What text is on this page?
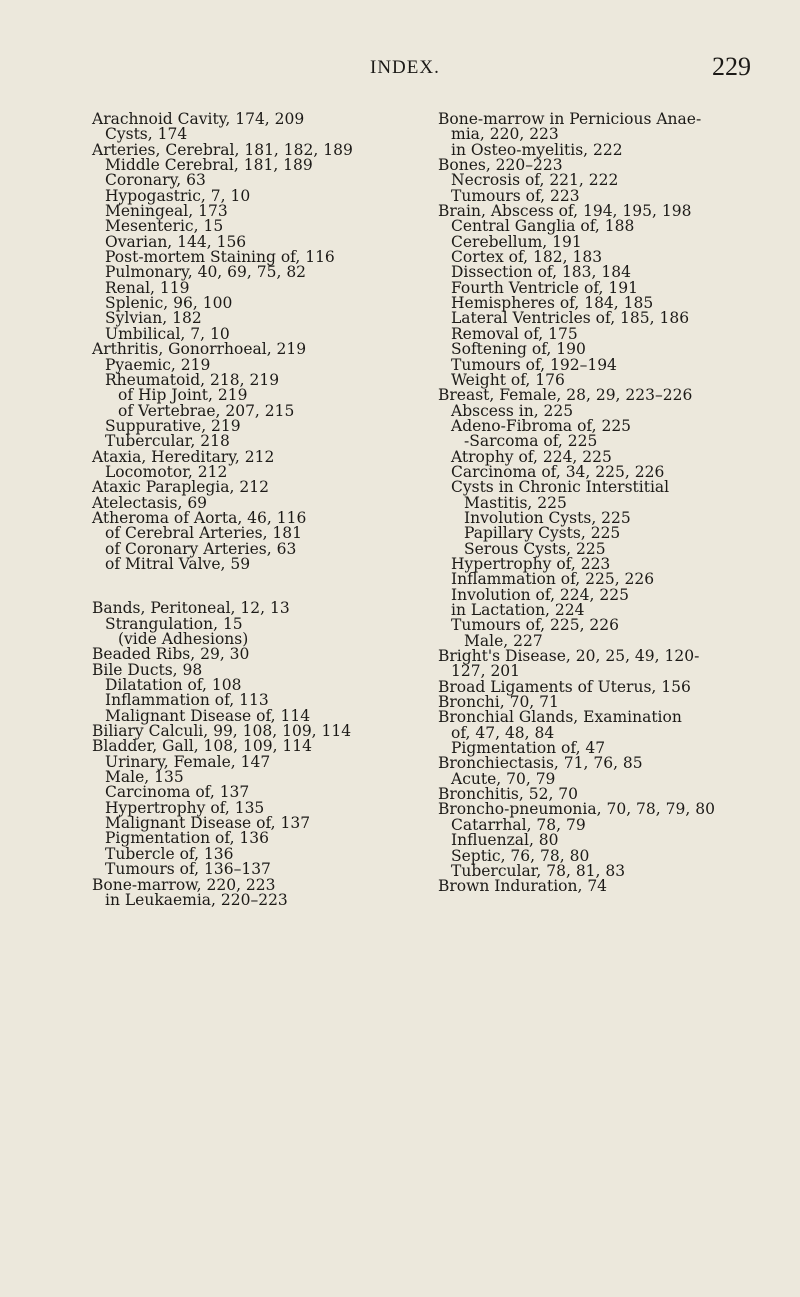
INDEX.	229
Arachnoid Cavity, 174, 209
Cysts, 174
Arteries, Cerebral, 181, 182, 189
Middle Cerebral, 181, 189
Coronary, 63
Hypogastric, 7, 10
Meningeal, 173
Mesenteric, 15
Ovarian, 144, 156
Post-mortem Staining of, 116
Pulmonary, 40, 69, 75, 82
Renal, 119
Splenic, 96, 100
Sylvian, 182
Umbilical, 7, 10
Arthritis, Gonorrhoeal, 219
Pyaemic, 219
Rheumatoid, 218, 219
of Hip Joint, 219
of Vertebrae, 207, 215
Suppurative, 219
Tubercular, 218
Ataxia, Hereditary, 212
Locomotor, 212
Ataxic Paraplegia, 212
Atelectasis, 69
Atheroma of Aorta, 46, 116
of Cerebral Arteries, 181
of Coronary Arteries, 63
of Mitral Valve, 59
Bands, Peritoneal, 12, 13
Strangulation, 15
(vide Adhesions)
Beaded Ribs, 29, 30
Bile Ducts, 98
Dilatation of, 108
Inflammation of, 113
Malignant Disease of, 114
Biliary Calculi, 99, 108, 109, 114
Bladder, Gall, 108, 109, 114
Urinary, Female, 147
Male, 135
Carcinoma of, 137
Hypertrophy of, 135
Malignant Disease of, 137
Pigmentation of, 136
Tubercle of, 136
Tumours of, 136–137
Bone-marrow, 220, 223
in Leukaemia, 220–223
Bone-marrow in Pernicious Anae-
mia, 220, 223
in Osteo-myelitis, 222
Bones, 220–223
Necrosis of, 221, 222
Tumours of, 223
Brain, Abscess of, 194, 195, 198
Central Ganglia of, 188
Cerebellum, 191
Cortex of, 182, 183
Dissection of, 183, 184
Fourth Ventricle of, 191
Hemispheres of, 184, 185
Lateral Ventricles of, 185, 186
Removal of, 175
Softening of, 190
Tumours of, 192–194
Weight of, 176
Breast, Female, 28, 29, 223–226
Abscess in, 225
Adeno-Fibroma of, 225
-Sarcoma of, 225
Atrophy of, 224, 225
Carcinoma of, 34, 225, 226
Cysts in Chronic Interstitial
Mastitis, 225
Involution Cysts, 225
Papillary Cysts, 225
Serous Cysts, 225
Hypertrophy of, 223
Inflammation of, 225, 226
Involution of, 224, 225
in Lactation, 224
Tumours of, 225, 226
Male, 227
Bright's Disease, 20, 25, 49, 120-
127, 201
Broad Ligaments of Uterus, 156
Bronchi, 70, 71
Bronchial Glands, Examination
of, 47, 48, 84
Pigmentation of, 47
Bronchiectasis, 71, 76, 85
Acute, 70, 79
Bronchitis, 52, 70
Broncho-pneumonia, 70, 78, 79, 80
Catarrhal, 78, 79
Influenzal, 80
Septic, 76, 78, 80
Tubercular, 78, 81, 83
Brown Induration, 74
